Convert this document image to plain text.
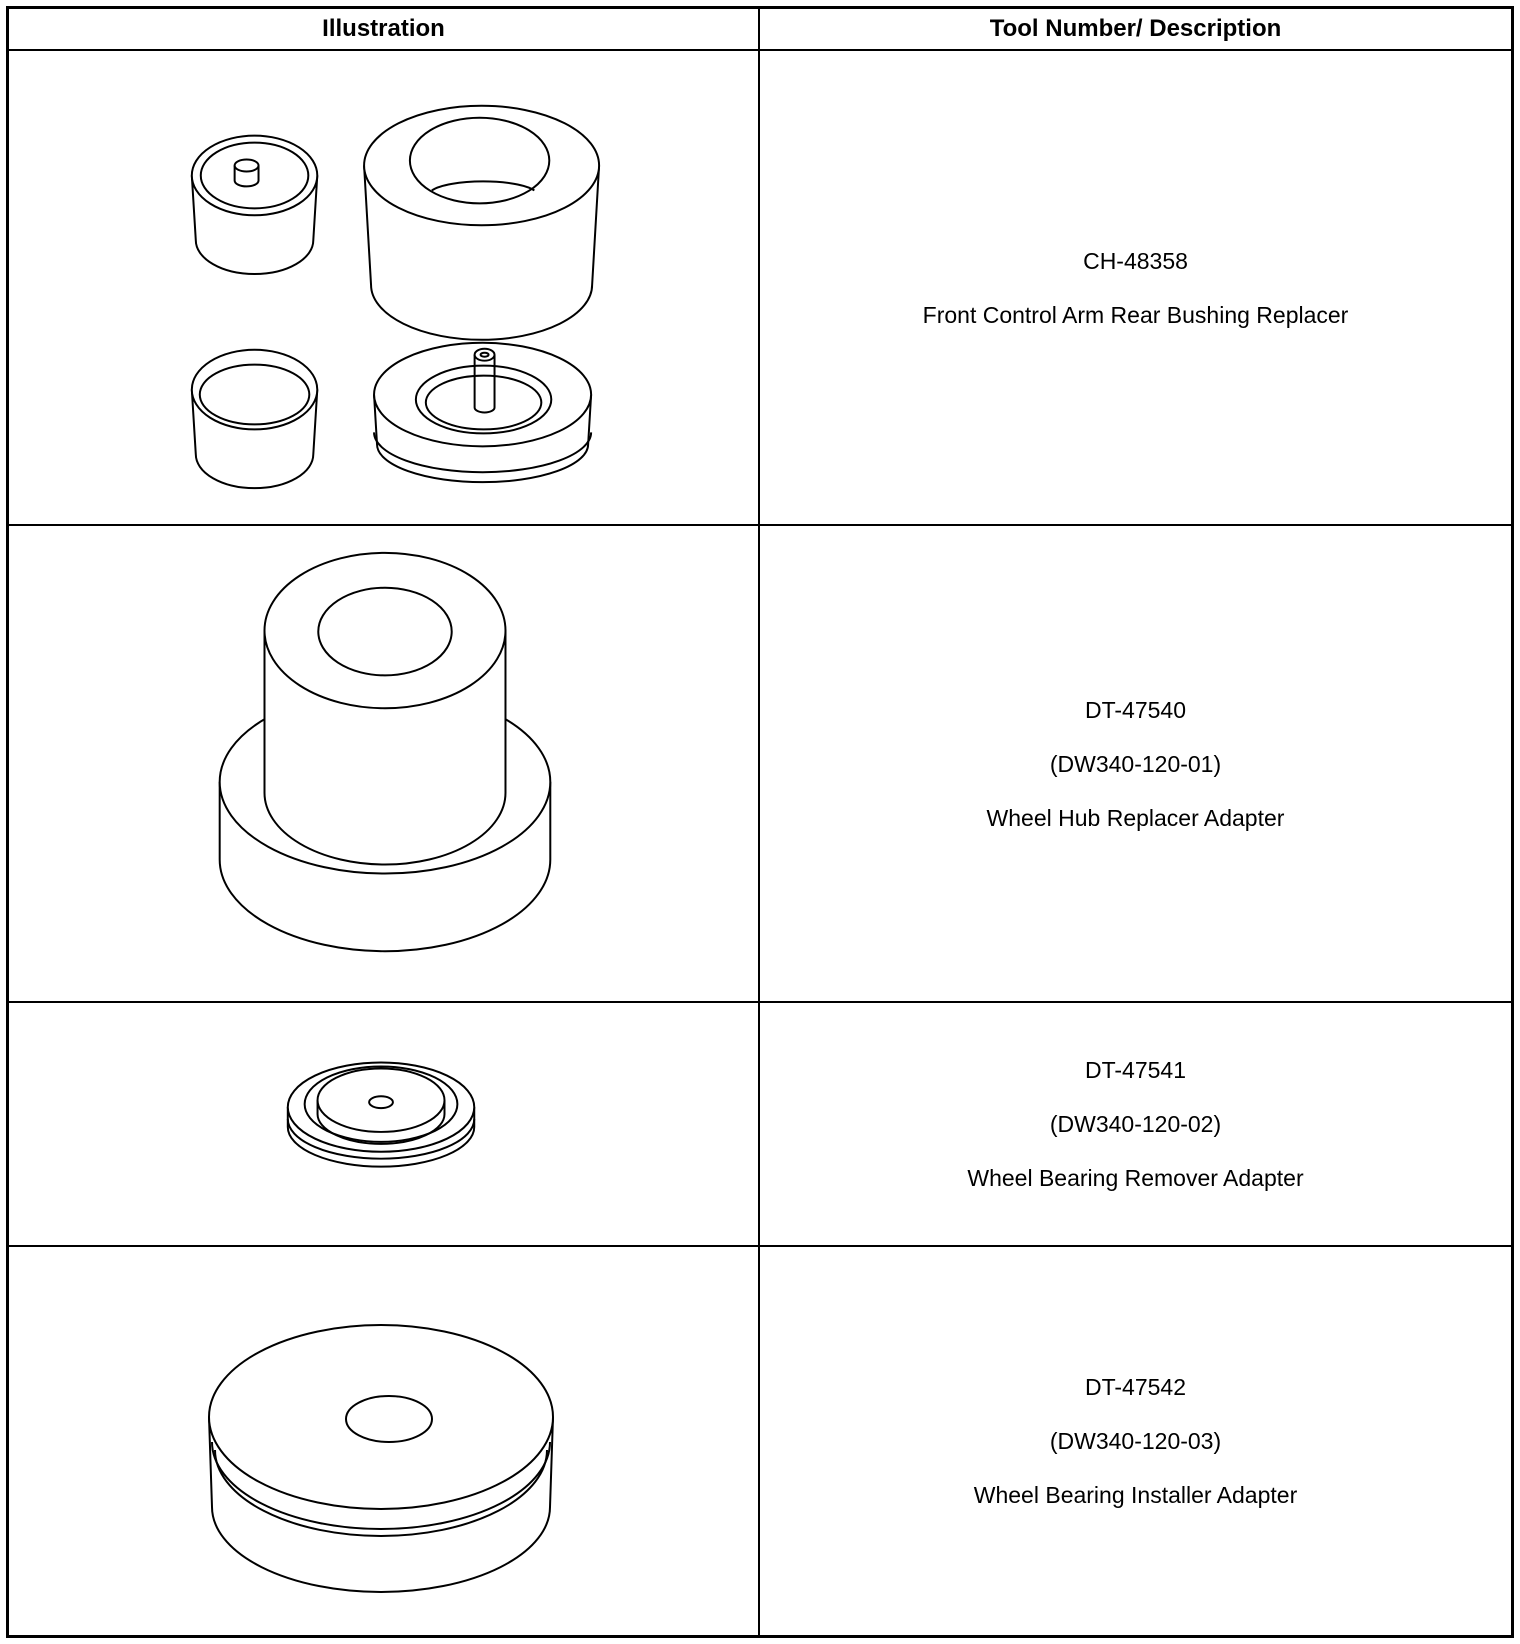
Illustration	Tool Number/ Description
CH-48358
Front Control Arm Rear Bushing Replacer
DT-47540
(DW340-120-01)
Wheel Hub Replacer Adapter
DT-47541
(DW340-120-02)
Wheel Bearing Remover Adapter
DT-47542
(DW340-120-03)
Wheel Bearing Installer Adapter
